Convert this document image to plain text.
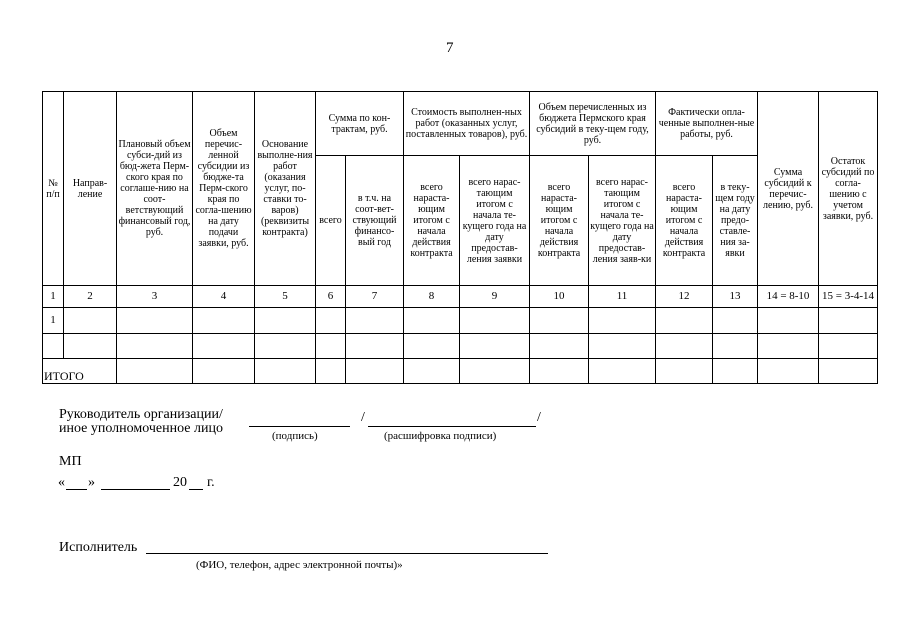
7
№ п/п	Направ-ление	Плановый объем субси-дий из бюд-жета Перм-ского края по соглаше-нию на соот-ветствующий финансовый год, руб.	Объем перечис-ленной субсидии из бюдже-та Перм-ского края по согла-шению на дату подачи заявки, руб.	Основание выполне-ния работ (оказания услуг, по-ставки то-варов) (реквизиты контракта)	Сумма по кон-трактам, руб.		Стоимость выполнен-ных работ (оказанных услуг, поставленных товаров), руб.		Объем перечисленных из бюджета Пермского края субсидий в теку-щем году, руб.		Фактически опла-ченные выполнен-ные работы, руб.		Сумма субсидий к перечис-лению, руб.	Остаток субсидий по согла-шению с учетом заявки, руб.
					всего	в т.ч. на соот-вет-ствующий финансо-вый год	всего нараста-ющим итогом с начала действия контракта	всего нарас-тающим итогом с начала те-кущего года на дату предостав-ления заявки	всего нараста-ющим итогом с начала действия контракта	всего нарас-тающим итогом с начала те-кущего года на дату предостав-ления заяв-ки	всего нараста-ющим итогом с начала действия контракта	в теку-щем году на дату предо-ставле-ния за-явки		
1	2	3	4	5	6	7	8	9	10	11	12	13	14 = 8-10	15 = 3-4-14
1														

ИТОГО														
Руководитель организации/
иное уполномоченное лицо
/	/
(подпись)	(расшифровка подписи)
МП
« »	20 г.
Исполнитель
(ФИО, телефон, адрес электронной почты)»
